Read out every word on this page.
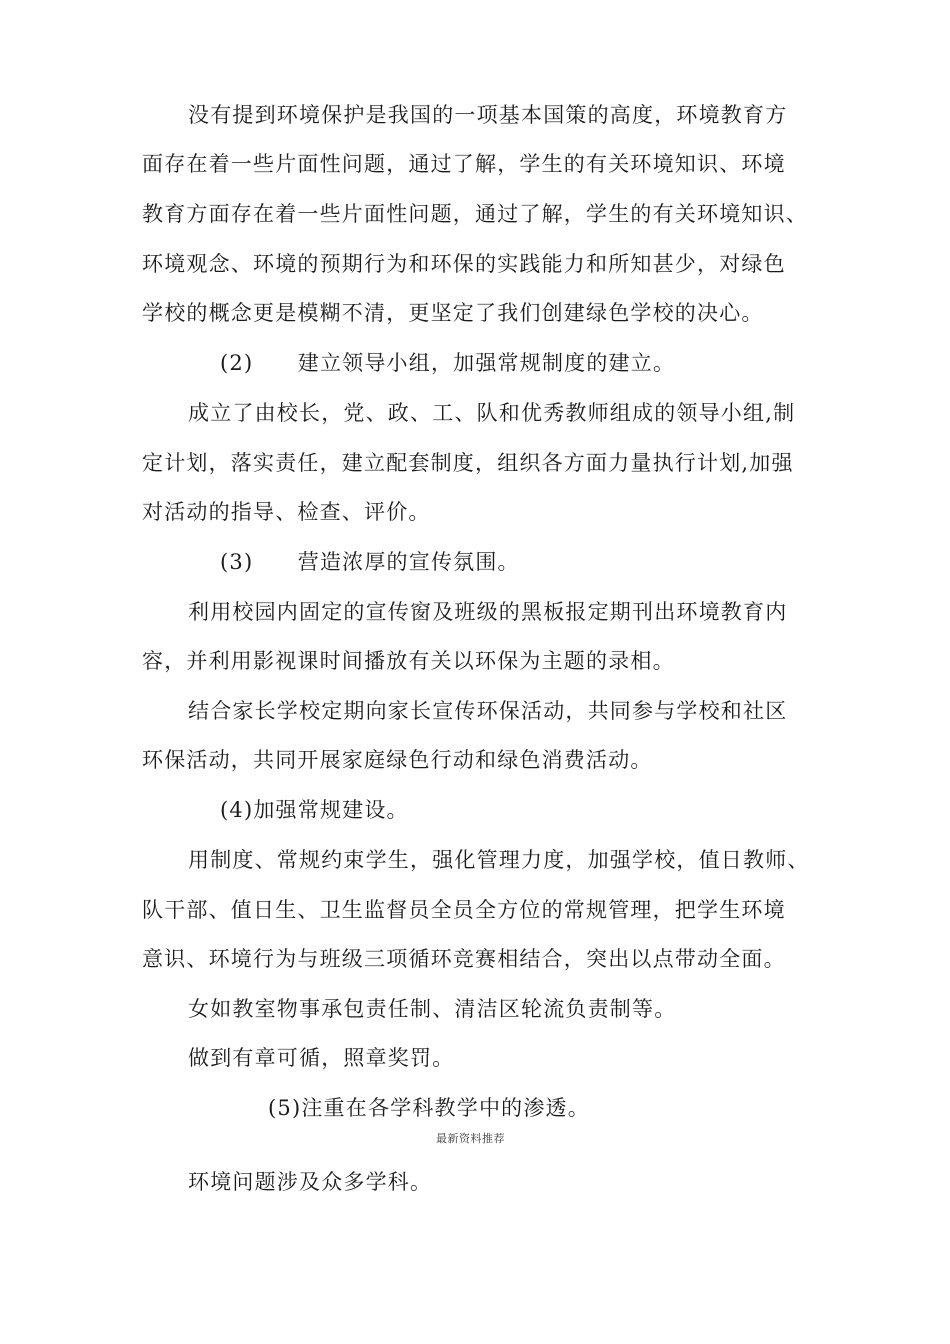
没有提到环境保护是我国的一项基本国策的高度，环境教育方
面存在着一些片面性问题，通过了解，学生的有关环境知识、环境
教育方面存在着一些片面性问题，通过了解，学生的有关环境知识、
环境观念、环境的预期行为和环保的实践能力和所知甚少，对绿色
学校的概念更是模糊不清，更坚定了我们创建绿色学校的决心。
(2)　　建立领导小组，加强常规制度的建立。
成立了由校长，党、政、工、队和优秀教师组成的领导小组,制
定计划，落实责任，建立配套制度，组织各方面力量执行计划,加强
对活动的指导、检查、评价。
(3)　　营造浓厚的宣传氛围。
利用校园内固定的宣传窗及班级的黑板报定期刊出环境教育内
容，并利用影视课时间播放有关以环保为主题的录相。
结合家长学校定期向家长宣传环保活动，共同参与学校和社区
环保活动，共同开展家庭绿色行动和绿色消费活动。
(4)加强常规建设。
用制度、常规约束学生，强化管理力度，加强学校，值日教师、
队干部、值日生、卫生监督员全员全方位的常规管理，把学生环境
意识、环境行为与班级三项循环竞赛相结合，突出以点带动全面。
女如教室物事承包责任制、清洁区轮流负责制等。
做到有章可循，照章奖罚。
(5)注重在各学科教学中的渗透。
最新资料推荐
环境问题涉及众多学科。
